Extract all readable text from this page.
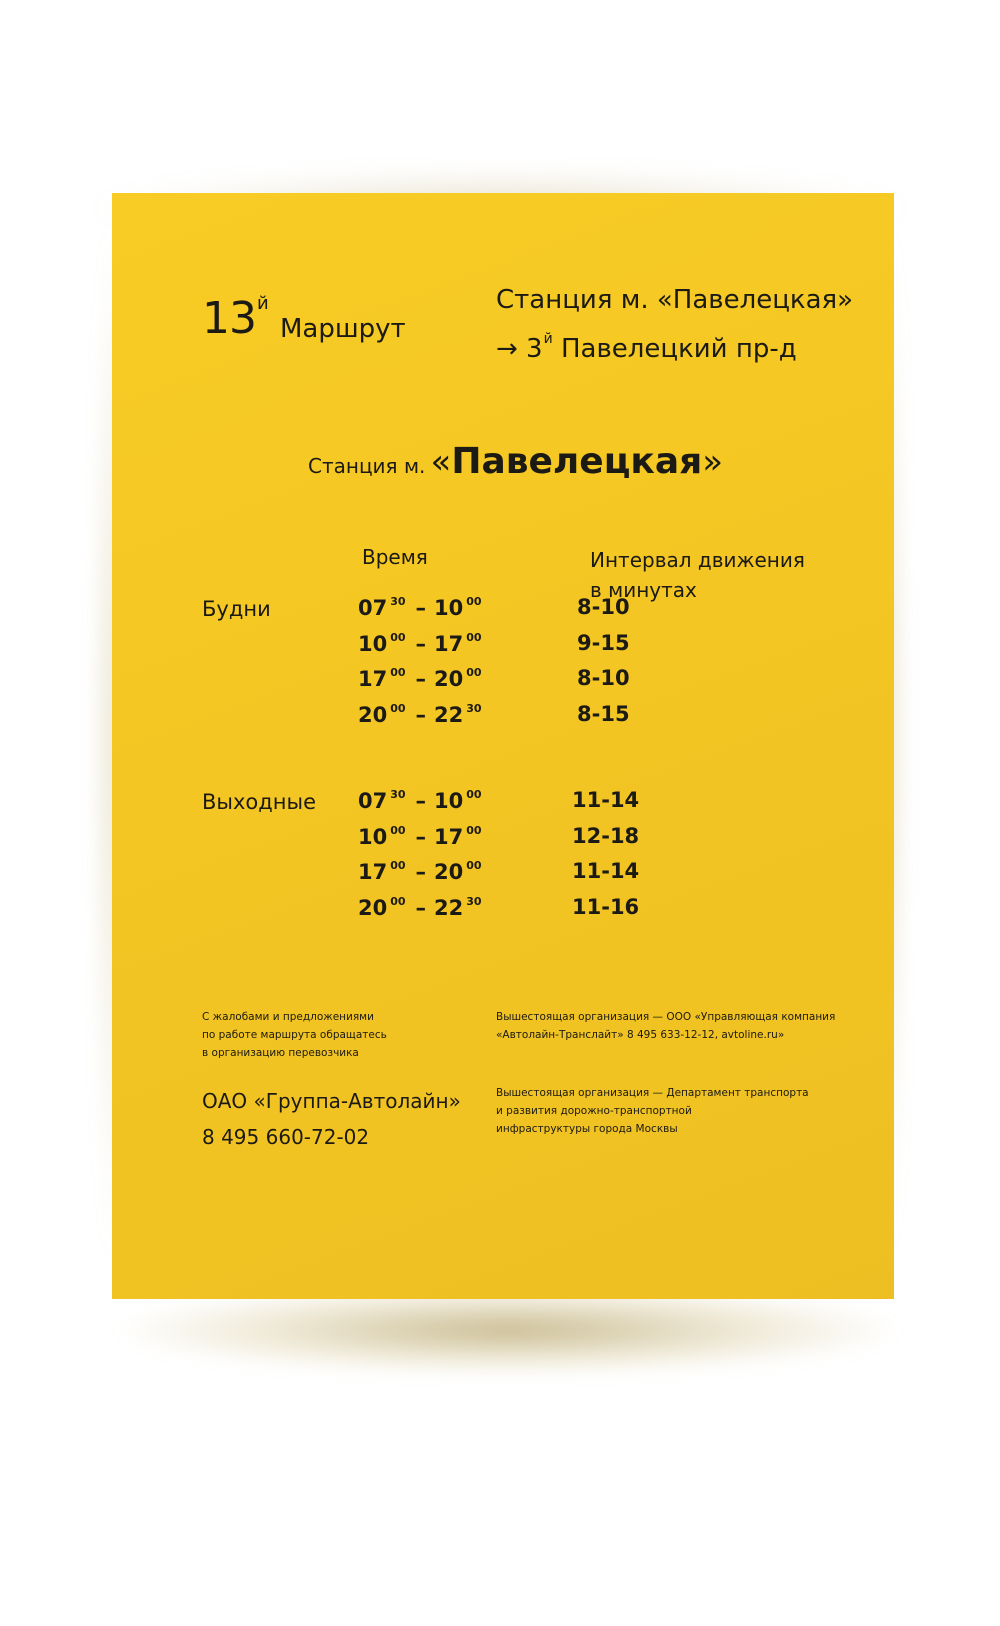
$13^й$
Маршрут
Станция м. «Павелецкая»
→ $3^й$ Павелецкий пр-д
Станция м. «Павелецкая»
Время	Интервал движения
в минутах
Будни	07 $^{30}$ – 10 $^{00}$	8-10
10 $^{00}$ – 17 $^{00}$	9-15
17 $^{00}$ – 20 $^{00}$	8-10
20 $^{00}$ – 22 $^{30}$	8-15
Выходные 07 $^{30}$ – 10 $^{00}$	11-14
10 $^{00}$ – 17 $^{00}$	12-18
17 $^{00}$ – 20 $^{00}$	11-14
20 $^{00}$ – 22 $^{30}$	11-16
С жалобами и предложениями
по работе маршрута обращатесь
в организацию перевозчика
Вышестоящая организация — ООО «Управляющая компания
«Автолайн-Транслайт» 8 495 633-12-12, avtoline.ru»
Вышестоящая организация — Департамент транспорта
и развития дорожно-транспортной
инфраструктуры города Москвы
ОАО «Группа-Автолайн»
8 495 660-72-02
